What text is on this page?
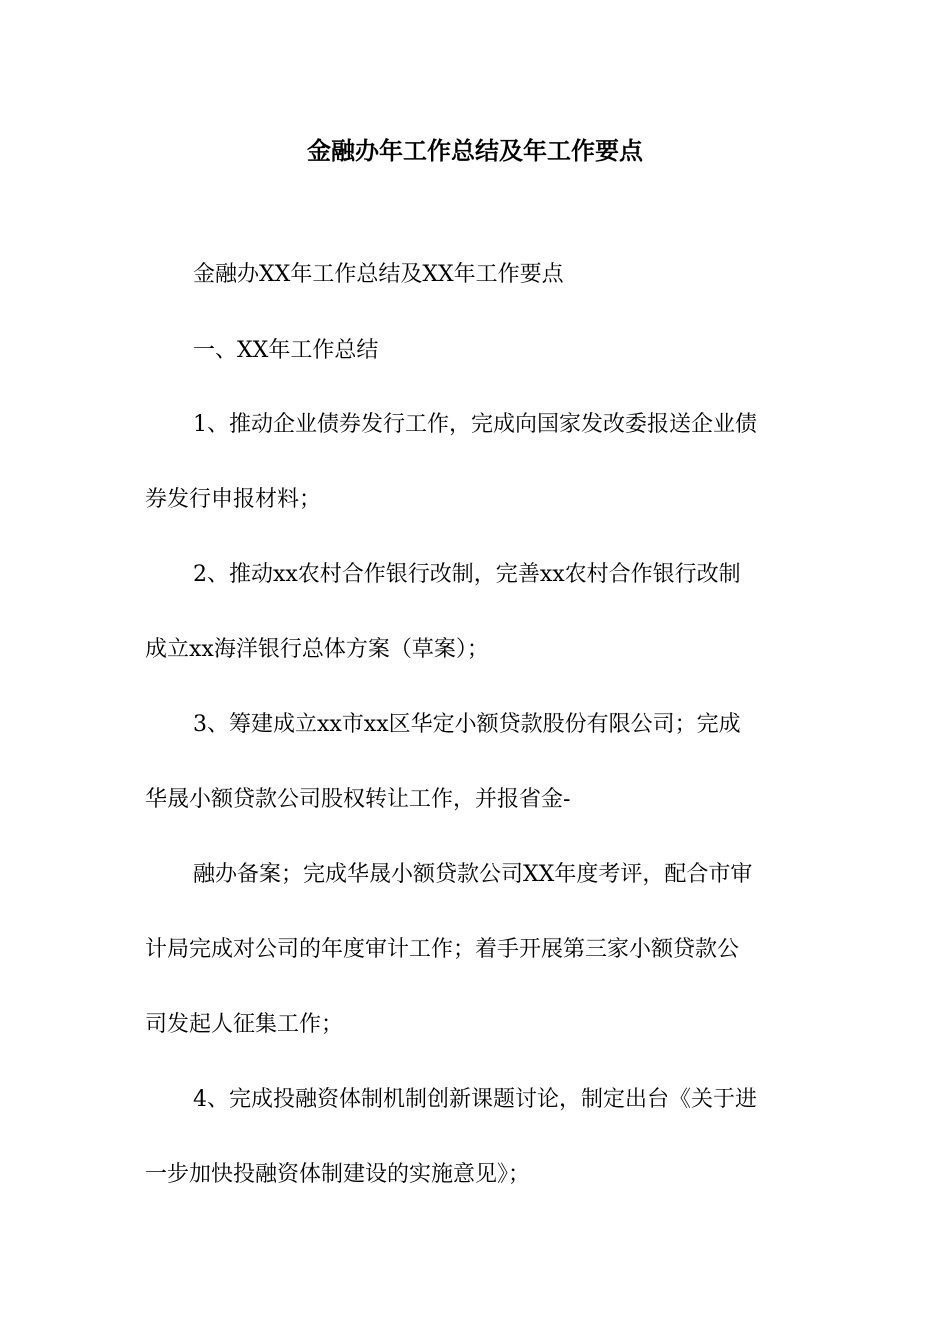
金融办年工作总结及年工作要点
金融办XX年工作总结及XX年工作要点
一、XX年工作总结
1、推动企业债券发行工作，完成向国家发改委报送企业债
券发行申报材料；
2、推动xx农村合作银行改制，完善xx农村合作银行改制
成立xx海洋银行总体方案（草案）；
3、筹建成立xx市xx区华定小额贷款股份有限公司；完成
华晟小额贷款公司股权转让工作，并报省金-
融办备案；完成华晟小额贷款公司XX年度考评，配合市审
计局完成对公司的年度审计工作；着手开展第三家小额贷款公
司发起人征集工作；
4、完成投融资体制机制创新课题讨论，制定出台《关于进
一步加快投融资体制建设的实施意见》；
